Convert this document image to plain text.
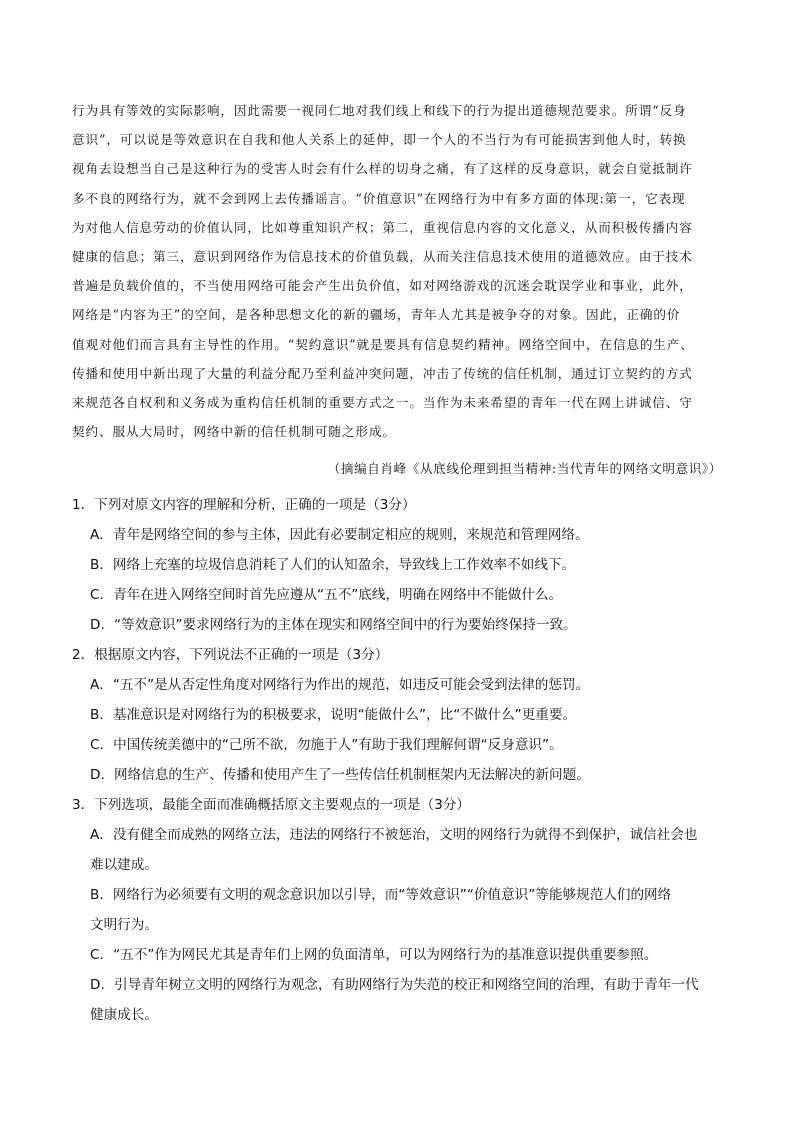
行为具有等效的实际影响，因此需要一视同仁地对我们线上和线下的行为提出道德规范要求。所谓“反身
意识”，可以说是等效意识在自我和他人关系上的延伸，即一个人的不当行为有可能损害到他人时，转换
视角去设想当自己是这种行为的受害人时会有什么样的切身之痛，有了这样的反身意识，就会自觉抵制许
多不良的网络行为，就不会到网上去传播谣言。“价值意识”在网络行为中有多方面的体现:第一，它表现
为对他人信息劳动的价值认同，比如尊重知识产权；第二，重视信息内容的文化意义，从而积极传播内容
健康的信息；第三，意识到网络作为信息技术的价值负载，从而关注信息技术使用的道德效应。由于技术
普遍是负载价值的，不当使用网络可能会产生出负价值，如对网络游戏的沉迷会耽误学业和事业，此外，
网络是“内容为王”的空间，是各种思想文化的新的疆场，青年人尤其是被争夺的对象。因此，正确的价
值观对他们而言具有主导性的作用。“契约意识”就是要具有信息契约精神。网络空间中，在信息的生产、
传播和使用中新出现了大量的利益分配乃至利益冲突问题，冲击了传统的信任机制，通过订立契约的方式
来规范各自权利和义务成为重构信任机制的重要方式之一。当作为未来希望的青年一代在网上讲诚信、守
契约、服从大局时，网络中新的信任机制可随之形成。
（摘编自肖峰《从底线伦理到担当精神:当代青年的网络文明意识》）
1．下列对原文内容的理解和分析，正确的一项是（3分）
A．青年是网络空间的参与主体，因此有必要制定相应的规则，来规范和管理网络。
B．网络上充塞的垃圾信息消耗了人们的认知盈余，导致线上工作效率不如线下。
C．青年在进入网络空间时首先应遵从“五不”底线，明确在网络中不能做什么。
D．“等效意识”要求网络行为的主体在现实和网络空间中的行为要始终保持一致。
2．根据原文内容，下列说法不正确的一项是（3分）
A．“五不”是从否定性角度对网络行为作出的规范，如违反可能会受到法律的惩罚。
B．基准意识是对网络行为的积极要求，说明“能做什么”，比“不做什么”更重要。
C．中国传统美德中的“己所不欲，勿施于人”有助于我们理解何谓“反身意识”。
D．网络信息的生产、传播和使用产生了一些传信任机制框架内无法解决的新问题。
3．下列选项，最能全面而准确概括原文主要观点的一项是（3分）
A．没有健全而成熟的网络立法，违法的网络行不被惩治，文明的网络行为就得不到保护，诚信社会也
难以建成。
B．网络行为必须要有文明的观念意识加以引导，而“等效意识”“价值意识”等能够规范人们的网络
文明行为。
C．“五不”作为网民尤其是青年们上网的负面清单，可以为网络行为的基准意识提供重要参照。
D．引导青年树立文明的网络行为观念，有助网络行为失范的校正和网络空间的治理，有助于青年一代
健康成长。
